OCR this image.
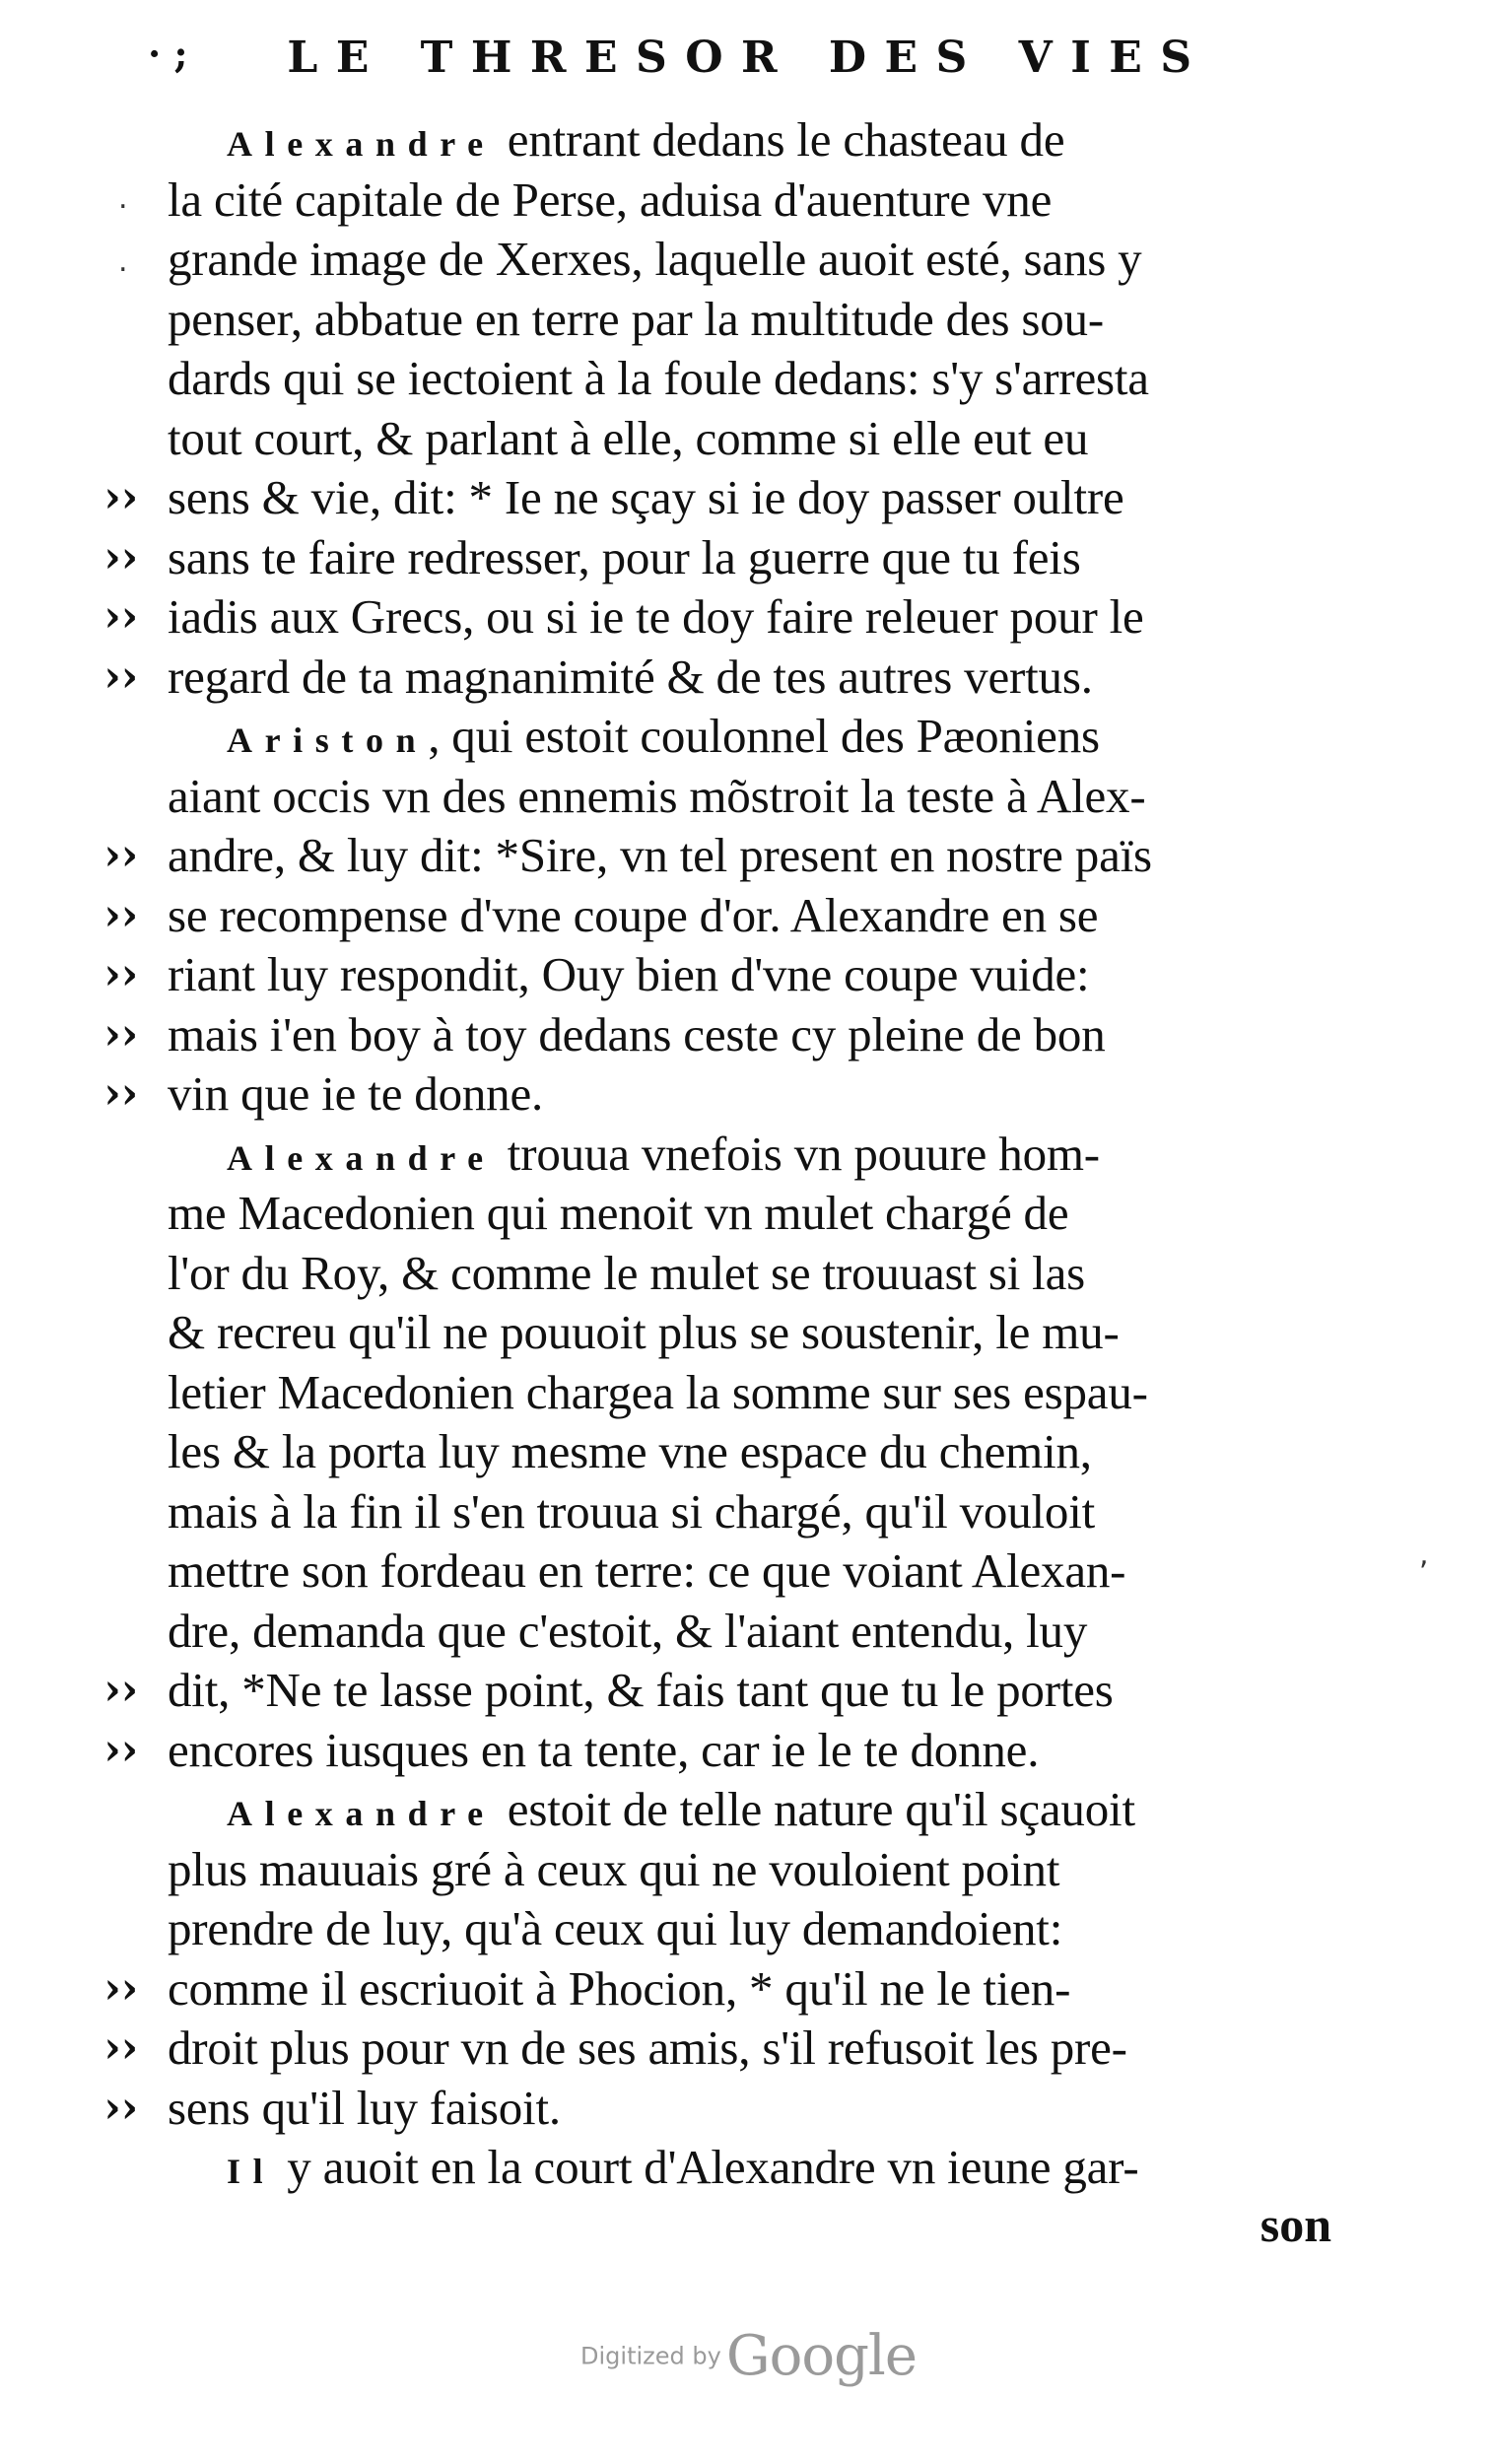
· ;	LE THRESOR DES VIES
Alexandre entrant dedans le chasteau de
la cité capitale de Perse, aduisa d'auenture vne
grande image de Xerxes, laquelle auoit esté, sans y
penser, abbatue en terre par la multitude des sou-
dards qui se iectoient à la foule dedans: s'y s'arresta
tout court, & parlant à elle, comme si elle eut eu
›› sens & vie, dit: * Ie ne sçay si ie doy passer oultre
›› sans te faire redresser, pour la guerre que tu feis
›› iadis aux Grecs, ou si ie te doy faire releuer pour le
›› regard de ta magnanimité & de tes autres vertus.
Ariston, qui estoit coulonnel des Pæoniens
aiant occis vn des ennemis mõstroit la teste à Alex-
›› andre, & luy dit: *Sire, vn tel present en nostre païs
›› se recompense d'vne coupe d'or. Alexandre en se
›› riant luy respondit, Ouy bien d'vne coupe vuide:
›› mais i'en boy à toy dedans ceste cy pleine de bon
›› vin que ie te donne.
Alexandre trouua vnefois vn pouure hom-
me Macedonien qui menoit vn mulet chargé de
l'or du Roy, & comme le mulet se trouuast si las
& recreu qu'il ne pouuoit plus se soustenir, le mu-
letier Macedonien chargea la somme sur ses espau-
les & la porta luy mesme vne espace du chemin,
mais à la fin il s'en trouua si chargé, qu'il vouloit
mettre son fordeau en terre: ce que voiant Alexan-
dre, demanda que c'estoit, & l'aiant entendu, luy
›› dit, *Ne te lasse point, & fais tant que tu le portes
›› encores iusques en ta tente, car ie le te donne.
Alexandre estoit de telle nature qu'il sçauoit
plus mauuais gré à ceux qui ne vouloient point
prendre de luy, qu'à ceux qui luy demandoient:
›› comme il escriuoit à Phocion, * qu'il ne le tien-
›› droit plus pour vn de ses amis, s'il refusoit les pre-
›› sens qu'il luy faisoit.
Il y auoit en la court d'Alexandre vn ieune gar-
son
.
.
,
Digitized by Google
